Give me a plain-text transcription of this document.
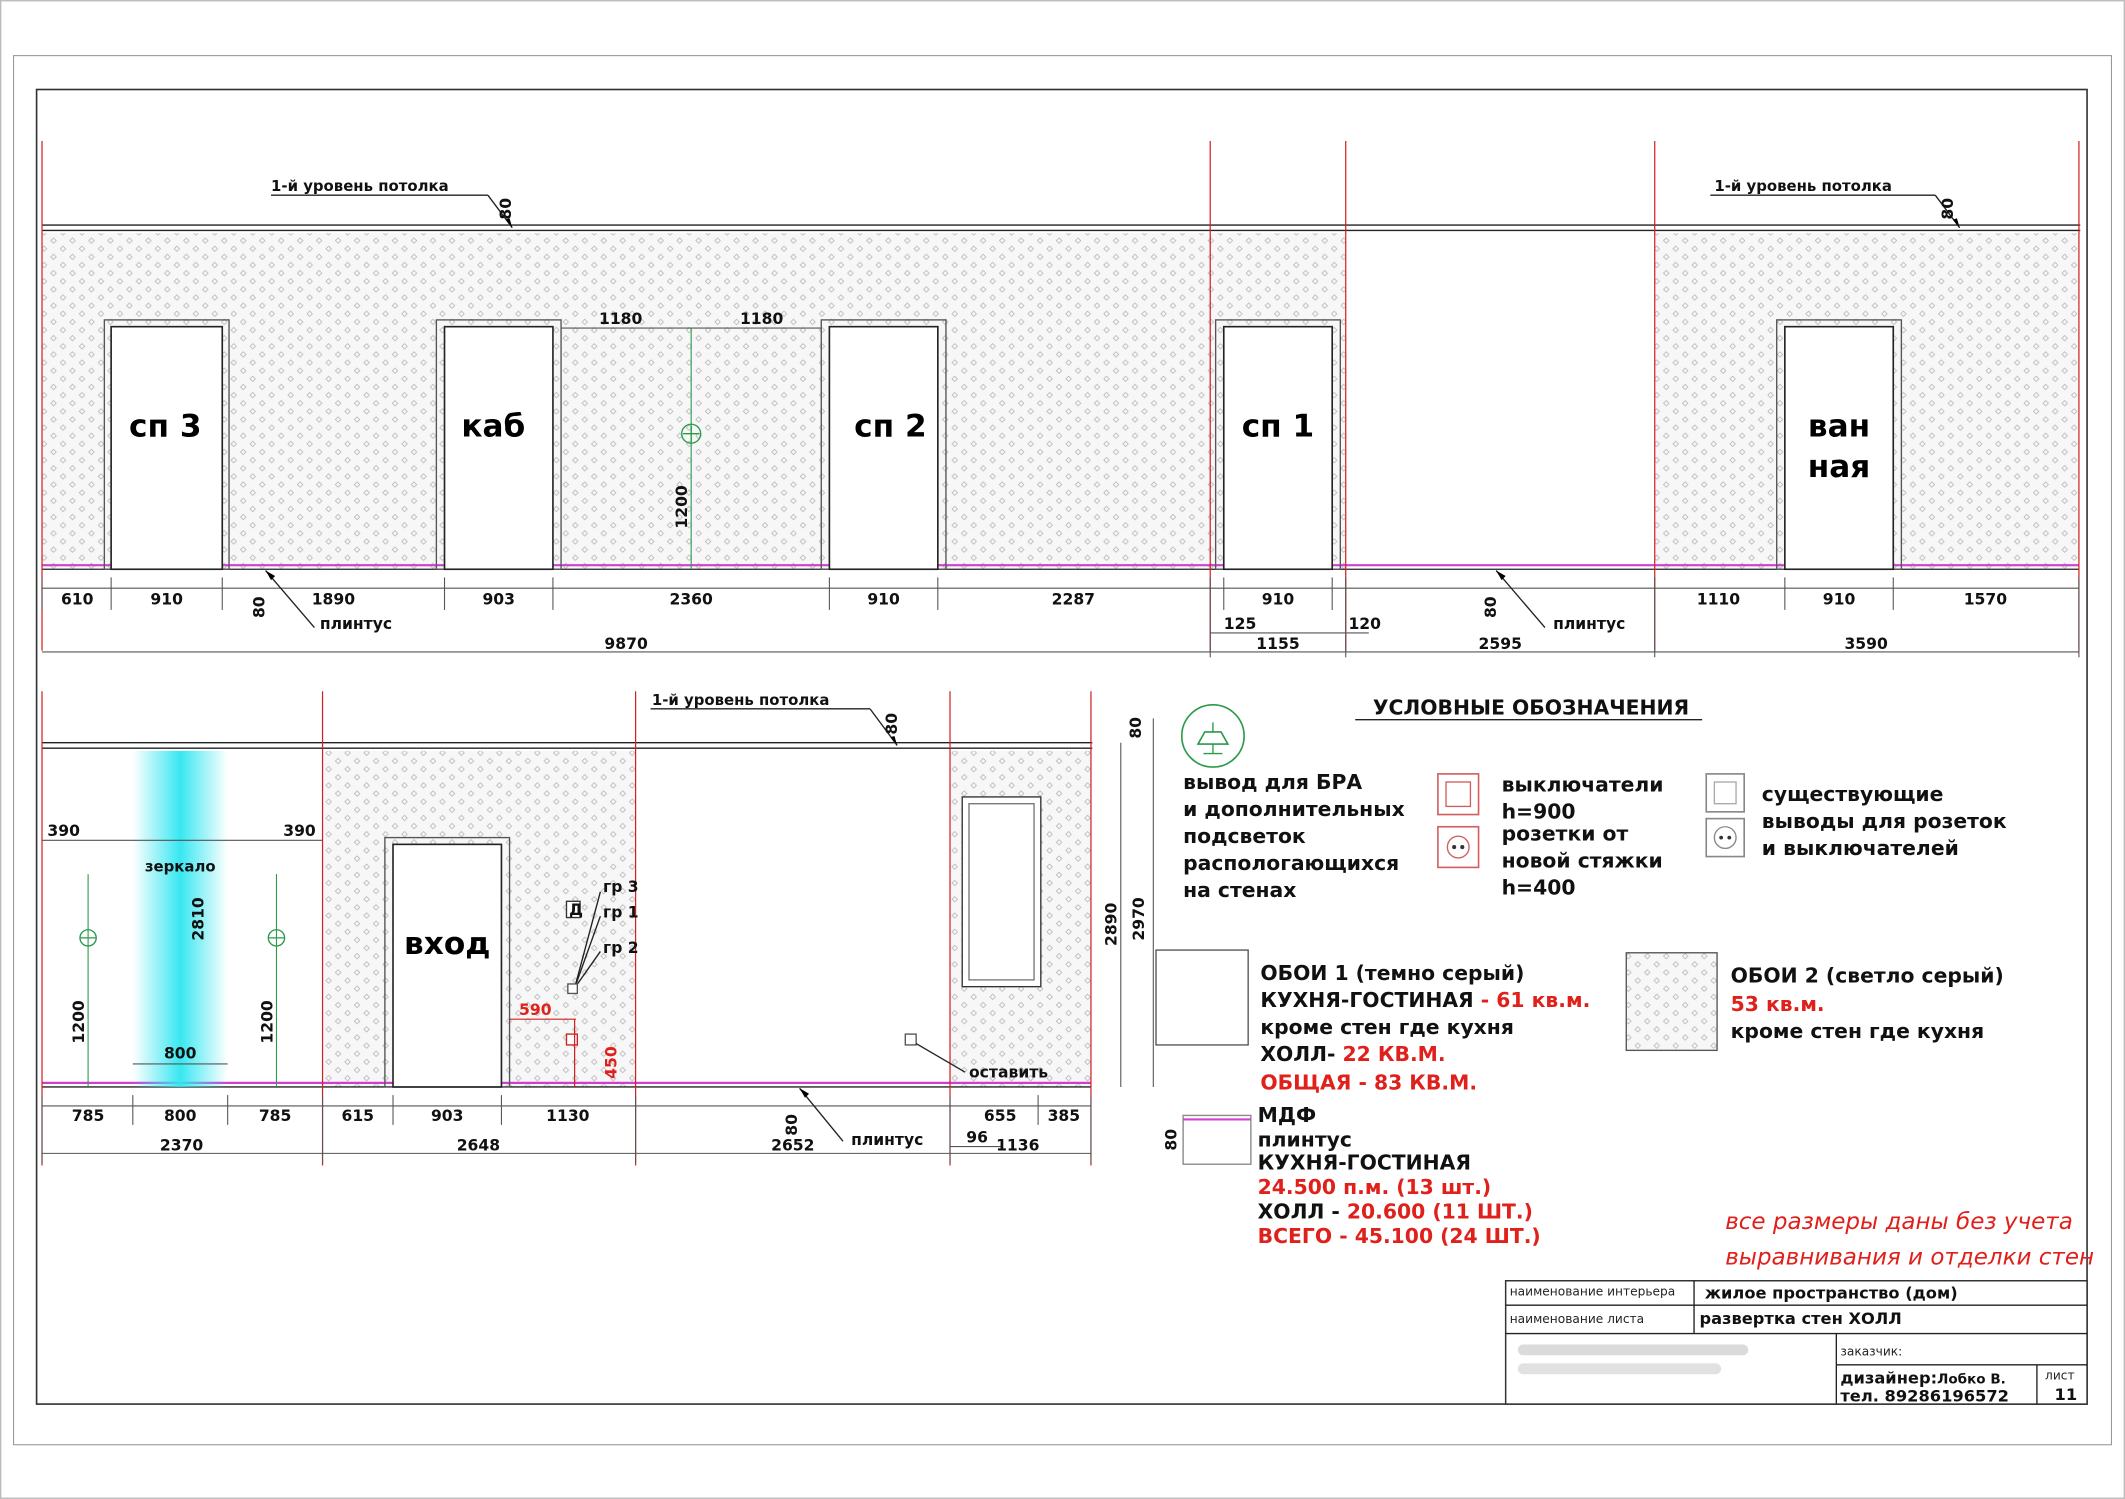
сп 3	каб	сп 2	сп 1	ван
ная
1-й уровень потолка	1-й уровень потолка
80	80
1180	1180
1200
610	910	1890	903	2360	910	2287	910	1110	910	1570
80
плинтус
80
плинтус
125	120
9870	1155	2595	3590
зеркало
2810
800
390	390
1200	1200
вход
1-й уровень потолка
80	80
2890 2970
Д
гр 3
гр 1
гр 2
590
450	оставить
785	800	785	615	903	1130	655	385
80
плинтус	96
2370	2648	2652	1136
УСЛОВНЫЕ ОБОЗНАЧЕНИЯ
вывод для БРА
и дополнительных
подсветок
распологающихся
на стенах
выключатели
h=900
розетки от
новой стяжки
h=400
существующие
выводы для розеток
и выключателей
ОБОИ 1 (темно серый)
КУХНЯ-ГОСТИНАЯ - 61 кв.м.
кроме стен где кухня
ХОЛЛ- 22 КВ.М.
ОБЩАЯ - 83 КВ.М.
ОБОИ 2 (светло серый)
53 кв.м.
кроме стен где кухня
80
МДФ
плинтус
КУХНЯ-ГОСТИНАЯ
24.500 п.м. (13 шт.)
ХОЛЛ - 20.600 (11 ШТ.)
ВСЕГО - 45.100 (24 ШТ.)
все размеры даны без учета
выравнивания и отделки стен
наименование интерьера жилое пространство (дом)
наименование листа	развертка стен ХОЛЛ
заказчик:
дизайнер:Лобко В.
тел. 89286196572
лист
11
